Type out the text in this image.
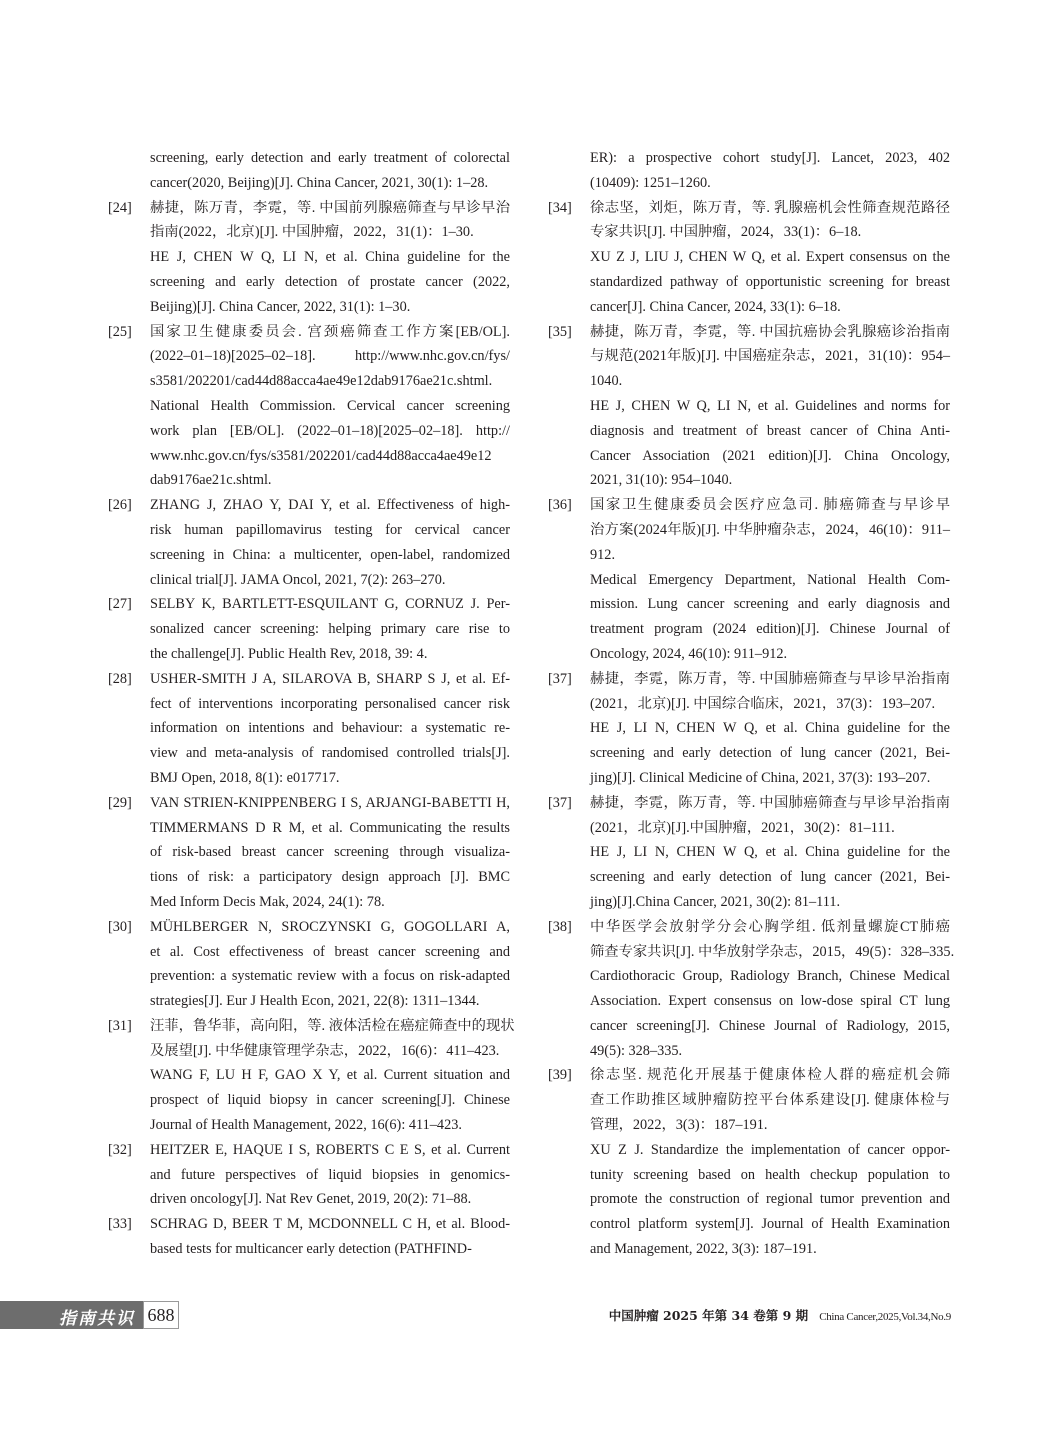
screening, early detection and early treatment of colorectal
cancer(2020, Beijing)[J]. China Cancer, 2021, 30(1): 1–28.
[24] 赫捷，陈万青，李霓，等. 中国前列腺癌筛查与早诊早治
指南(2022，北京)[J]. 中国肿瘤，2022，31(1)：1–30.
HE J, CHEN W Q, LI N, et al. China guideline for the
screening and early detection of prostate cancer (2022,
Beijing)[J]. China Cancer, 2022, 31(1): 1–30.
[25] 国家卫生健康委员会. 宫颈癌筛查工作方案[EB/OL].
(2022–01–18)[2025–02–18]. http://www.nhc.gov.cn/fys/
s3581/202201/cad44d88acca4ae49e12dab9176ae21c.shtml.
National Health Commission. Cervical cancer screening
work plan [EB/OL]. (2022–01–18)[2025–02–18]. http://
www.nhc.gov.cn/fys/s3581/202201/cad44d88acca4ae49e12
dab9176ae21c.shtml.
[26] ZHANG J, ZHAO Y, DAI Y, et al. Effectiveness of high-
risk human papillomavirus testing for cervical cancer
screening in China: a multicenter, open-label, randomized
clinical trial[J]. JAMA Oncol, 2021, 7(2): 263–270.
[27] SELBY K, BARTLETT-ESQUILANT G, CORNUZ J. Per-
sonalized cancer screening: helping primary care rise to
the challenge[J]. Public Health Rev, 2018, 39: 4.
[28] USHER-SMITH J A, SILAROVA B, SHARP S J, et al. Ef-
fect of interventions incorporating personalised cancer risk
information on intentions and behaviour: a systematic re-
view and meta-analysis of randomised controlled trials[J].
BMJ Open, 2018, 8(1): e017717.
[29] VAN STRIEN-KNIPPENBERG I S, ARJANGI-BABETTI H,
TIMMERMANS D R M, et al. Communicating the results
of risk-based breast cancer screening through visualiza-
tions of risk: a participatory design approach [J]. BMC
Med Inform Decis Mak, 2024, 24(1): 78.
[30] MÜHLBERGER N, SROCZYNSKI G, GOGOLLARI A,
et al. Cost effectiveness of breast cancer screening and
prevention: a systematic review with a focus on risk-adapted
strategies[J]. Eur J Health Econ, 2021, 22(8): 1311–1344.
[31] 汪菲，鲁华菲，高向阳，等. 液体活检在癌症筛查中的现状
及展望[J]. 中华健康管理学杂志，2022，16(6)：411–423.
WANG F, LU H F, GAO X Y, et al. Current situation and
prospect of liquid biopsy in cancer screening[J]. Chinese
Journal of Health Management, 2022, 16(6): 411–423.
[32] HEITZER E, HAQUE I S, ROBERTS C E S, et al. Current
and future perspectives of liquid biopsies in genomics-
driven oncology[J]. Nat Rev Genet, 2019, 20(2): 71–88.
[33] SCHRAG D, BEER T M, MCDONNELL C H, et al. Blood-
based tests for multicancer early detection (PATHFIND-
ER): a prospective cohort study[J]. Lancet, 2023, 402
(10409): 1251–1260.
[34] 徐志坚，刘炬，陈万青，等. 乳腺癌机会性筛查规范路径
专家共识[J]. 中国肿瘤，2024，33(1)：6–18.
XU Z J, LIU J, CHEN W Q, et al. Expert consensus on the
standardized pathway of opportunistic screening for breast
cancer[J]. China Cancer, 2024, 33(1): 6–18.
[35] 赫捷，陈万青，李霓，等. 中国抗癌协会乳腺癌诊治指南
与规范(2021年版)[J]. 中国癌症杂志，2021，31(10)：954–
1040.
HE J, CHEN W Q, LI N, et al. Guidelines and norms for
diagnosis and treatment of breast cancer of China Anti-
Cancer Association (2021 edition)[J]. China Oncology,
2021, 31(10): 954–1040.
[36] 国家卫生健康委员会医疗应急司. 肺癌筛查与早诊早
治方案(2024年版)[J]. 中华肿瘤杂志，2024，46(10)：911–
912.
Medical Emergency Department, National Health Com-
mission. Lung cancer screening and early diagnosis and
treatment program (2024 edition)[J]. Chinese Journal of
Oncology, 2024, 46(10): 911–912.
[37] 赫捷，李霓，陈万青，等. 中国肺癌筛查与早诊早治指南
(2021，北京)[J]. 中国综合临床，2021，37(3)：193–207.
HE J, LI N, CHEN W Q, et al. China guideline for the
screening and early detection of lung cancer (2021, Bei-
jing)[J]. Clinical Medicine of China, 2021, 37(3): 193–207.
[37] 赫捷，李霓，陈万青，等. 中国肺癌筛查与早诊早治指南
(2021，北京)[J].中国肿瘤，2021，30(2)：81–111.
HE J, LI N, CHEN W Q, et al. China guideline for the
screening and early detection of lung cancer (2021, Bei-
jing)[J].China Cancer, 2021, 30(2): 81–111.
[38] 中华医学会放射学分会心胸学组. 低剂量螺旋CT肺癌
筛查专家共识[J]. 中华放射学杂志，2015，49(5)：328–335.
Cardiothoracic Group, Radiology Branch, Chinese Medical
Association. Expert consensus on low-dose spiral CT lung
cancer screening[J]. Chinese Journal of Radiology, 2015,
49(5): 328–335.
[39] 徐志坚. 规范化开展基于健康体检人群的癌症机会筛
查工作助推区域肿瘤防控平台体系建设[J]. 健康体检与
管理，2022，3(3)：187–191.
XU Z J. Standardize the implementation of cancer oppor-
tunity screening based on health checkup population to
promote the construction of regional tumor prevention and
control platform system[J]. Journal of Health Examination
and Management, 2022, 3(3): 187–191.
指南共识 688	中国肿瘤 2025 年第 34 卷第 9 期 China Cancer,2025,Vol.34,No.9
